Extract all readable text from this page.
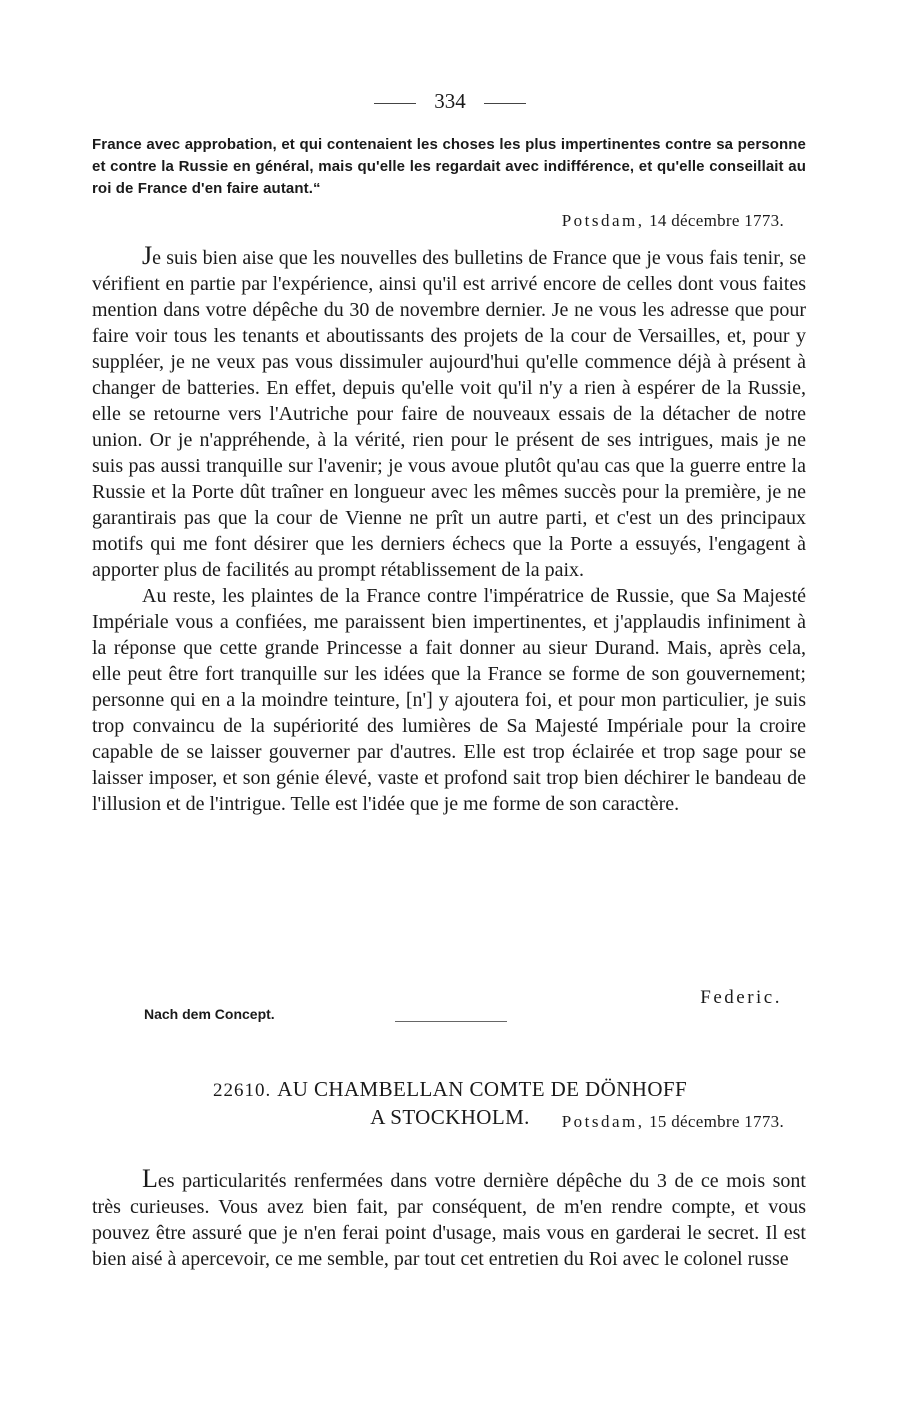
334
France avec approbation, et qui contenaient les choses les plus impertinentes contre sa personne et contre la Russie en général, mais qu'elle les regardait avec indifférence, et qu'elle conseillait au roi de France d'en faire autant.“
Potsdam, 14 décembre 1773.

Je suis bien aise que les nouvelles des bulletins de France que je vous fais tenir, se vérifient en partie par l'expérience, ainsi qu'il est arrivé encore de celles dont vous faites mention dans votre dépêche du 30 de novembre dernier. Je ne vous les adresse que pour faire voir tous les tenants et aboutissants des projets de la cour de Versailles, et, pour y suppléer, je ne veux pas vous dissimuler aujourd'hui qu'elle commence déjà à présent à changer de batteries. En effet, depuis qu'elle voit qu'il n'y a rien à espérer de la Russie, elle se retourne vers l'Autriche pour faire de nouveaux essais de la détacher de notre union. Or je n'appréhende, à la vérité, rien pour le présent de ses intrigues, mais je ne suis pas aussi tranquille sur l'avenir; je vous avoue plutôt qu'au cas que la guerre entre la Russie et la Porte dût traîner en longueur avec les mêmes succès pour la première, je ne garantirais pas que la cour de Vienne ne prît un autre parti, et c'est un des principaux motifs qui me font désirer que les derniers échecs que la Porte a essuyés, l'engagent à apporter plus de facilités au prompt rétablissement de la paix.

Au reste, les plaintes de la France contre l'impératrice de Russie, que Sa Majesté Impériale vous a confiées, me paraissent bien impertinentes, et j'applaudis infiniment à la réponse que cette grande Princesse a fait donner au sieur Durand. Mais, après cela, elle peut être fort tranquille sur les idées que la France se forme de son gouvernement; personne qui en a la moindre teinture, [n'] y ajoutera foi, et pour mon particulier, je suis trop convaincu de la supériorité des lumières de Sa Majesté Impériale pour la croire capable de se laisser gouverner par d'autres. Elle est trop éclairée et trop sage pour se laisser imposer, et son génie élevé, vaste et profond sait trop bien déchirer le bandeau de l'illusion et de l'intrigue. Telle est l'idée que je me forme de son caractère.

Federic.
Nach dem Concept.
22610. AU CHAMBELLAN COMTE DE DÖNHOFF
A STOCKHOLM.	Potsdam, 15 décembre 1773.

Les particularités renfermées dans votre dernière dépêche du 3 de ce mois sont très curieuses. Vous avez bien fait, par conséquent, de m'en rendre compte, et vous pouvez être assuré que je n'en ferai point d'usage, mais vous en garderai le secret. Il est bien aisé à apercevoir, ce me semble, par tout cet entretien du Roi avec le colonel russe
